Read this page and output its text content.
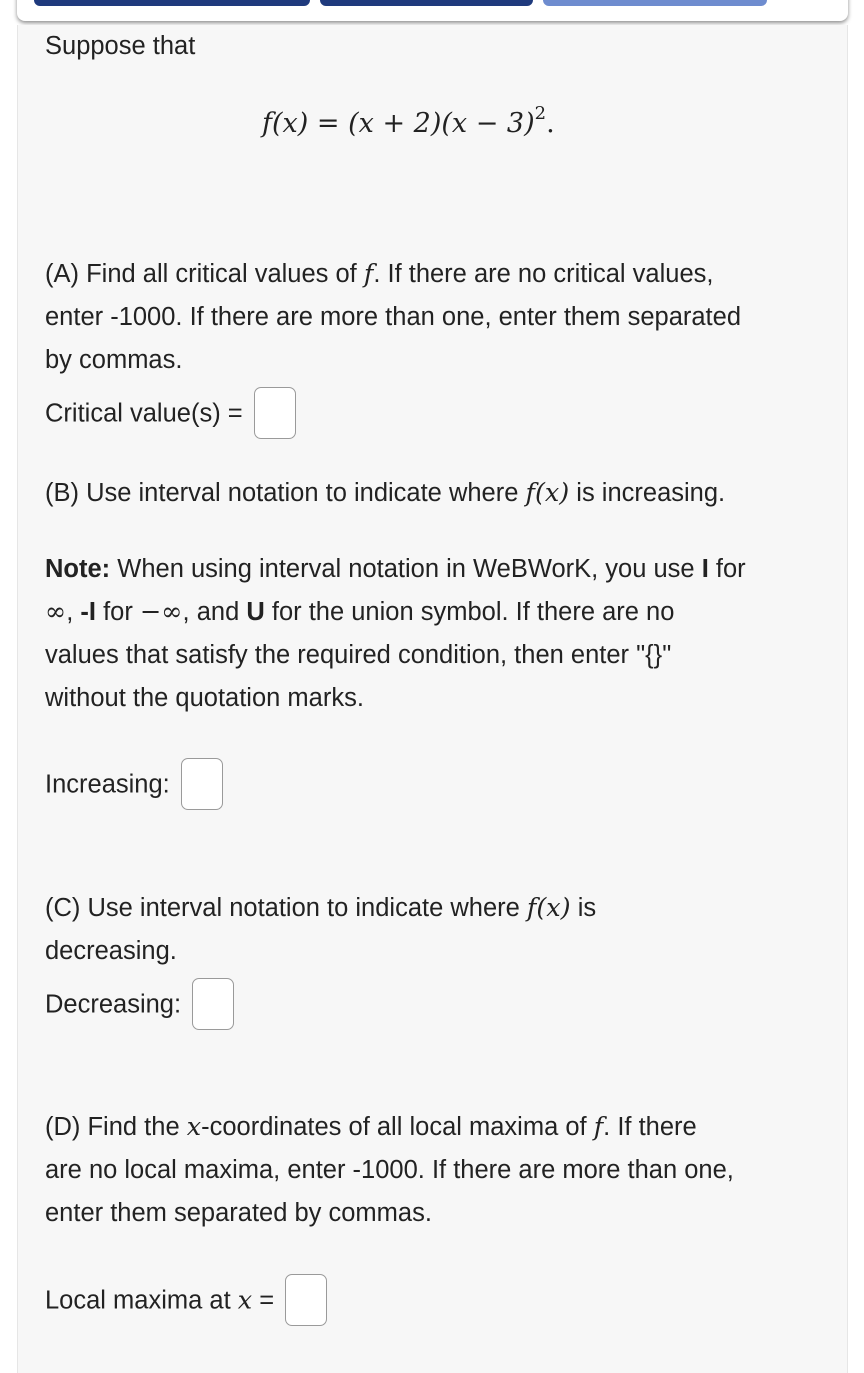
Suppose that
$f(x) = (x + 2)(x - 3)^2$.
(A) Find all critical values of f. If there are no critical values,
enter -1000. If there are more than one, enter them separated
by commas.
Critical value(s) =
(B) Use interval notation to indicate where f(x) is increasing.
Note: When using interval notation in WeBWorK, you use I for
∞, -I for −∞, and U for the union symbol. If there are no
values that satisfy the required condition, then enter "{}"
without the quotation marks.
Increasing:
(C) Use interval notation to indicate where f(x) is
decreasing.
Decreasing:
(D) Find the x-coordinates of all local maxima of f. If there
are no local maxima, enter -1000. If there are more than one,
enter them separated by commas.
Local maxima at x =
